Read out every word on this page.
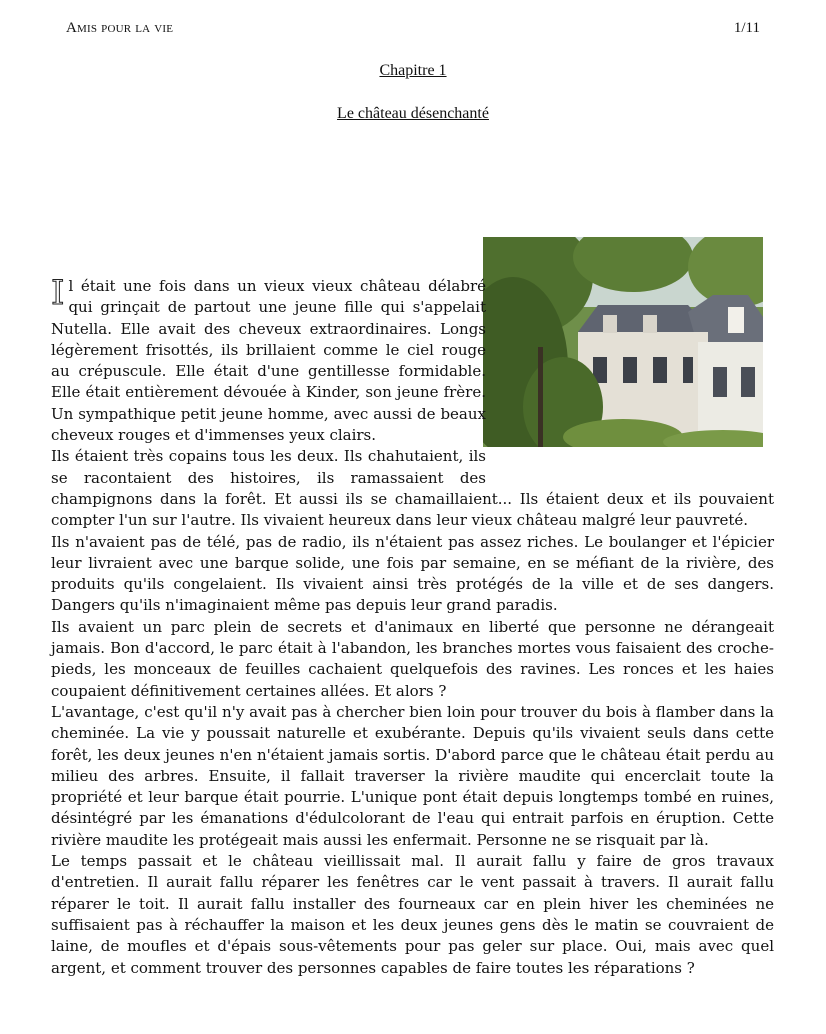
Amis pour la vie	1/11
Chapitre 1
Le château désenchanté

Il était une fois dans un vieux vieux château délabré qui grinçait de partout une jeune fille qui s'appelait Nutella. Elle avait des cheveux extraordinaires. Longs légèrement frisottés, ils brillaient comme le ciel rouge au crépuscule. Elle était d'une gentillesse formidable. Elle était entièrement dévouée à Kinder, son jeune frère. Un sympathique petit jeune homme, avec aussi de beaux cheveux rouges et d'immenses yeux clairs.

Ils étaient très copains tous les deux. Ils chahutaient, ils se racontaient des histoires, ils ramassaient des champignons dans la forêt. Et aussi ils se chamaillaient... Ils étaient deux et ils pouvaient compter l'un sur l'autre. Ils vivaient heureux dans leur vieux château malgré leur pauvreté.

Ils n'avaient pas de télé, pas de radio, ils n'étaient pas assez riches. Le boulanger et l'épicier leur livraient avec une barque solide, une fois par semaine, en se méfiant de la rivière, des produits qu'ils congelaient. Ils vivaient ainsi très protégés de la ville et de ses dangers. Dangers qu'ils n'imaginaient même pas depuis leur grand paradis.

Ils avaient un parc plein de secrets et d'animaux en liberté que personne ne dérangeait jamais. Bon d'accord, le parc était à l'abandon, les branches mortes vous faisaient des croche-pieds, les monceaux de feuilles cachaient quelquefois des ravines. Les ronces et les haies coupaient définitivement certaines allées. Et alors ?

L'avantage, c'est qu'il n'y avait pas à chercher bien loin pour trouver du bois à flamber dans la cheminée. La vie y poussait naturelle et exubérante. Depuis qu'ils vivaient seuls dans cette forêt, les deux jeunes n'en n'étaient jamais sortis. D'abord parce que le château était perdu au milieu des arbres. Ensuite, il fallait traverser la rivière maudite qui encerclait toute la propriété et leur barque était pourrie. L'unique pont était depuis longtemps tombé en ruines, désintégré par les émanations d'édulcolorant de l'eau qui entrait parfois en éruption. Cette rivière maudite les protégeait mais aussi les enfermait. Personne ne se risquait par là.

Le temps passait et le château vieillissait mal. Il aurait fallu y faire de gros travaux d'entretien. Il aurait fallu réparer les fenêtres car le vent passait à travers. Il aurait fallu réparer le toit. Il aurait fallu installer des fourneaux car en plein hiver les cheminées ne suffisaient pas à réchauffer la maison et les deux jeunes gens dès le matin se couvraient de laine, de moufles et d'épais sous-vêtements pour pas geler sur place. Oui, mais avec quel argent, et comment trouver des personnes capables de faire toutes les réparations ?
